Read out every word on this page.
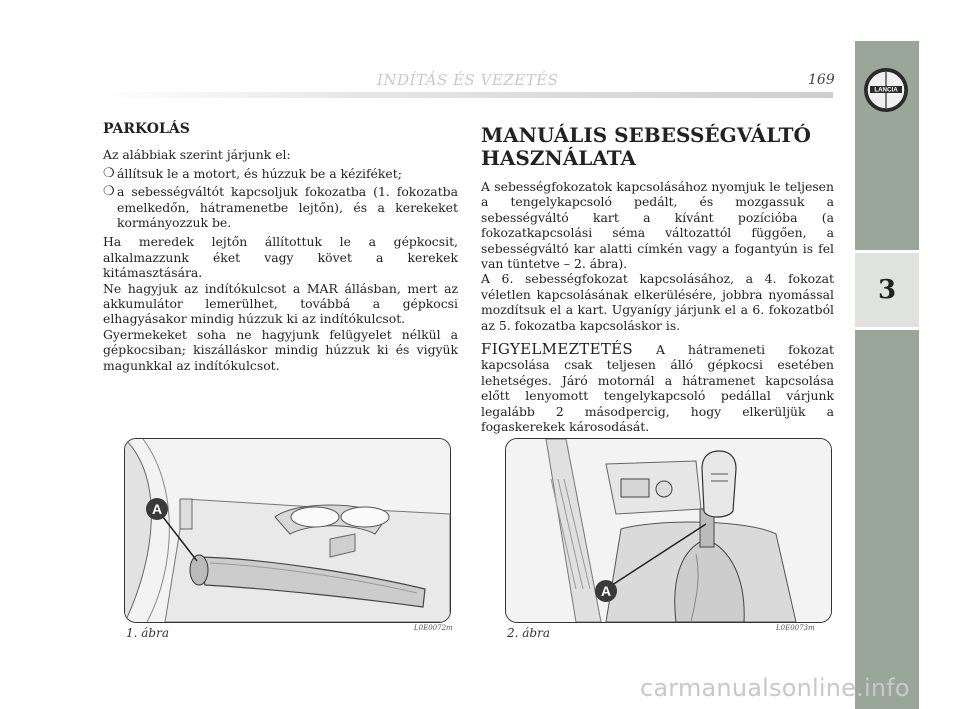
INDÍTÁS ÉS VEZETÉS	169
LANCIA
3
PARKOLÁS

Az alábbiak szerint járjunk el:

❍ állítsuk le a motort, és húzzuk be a kéziféket;
❍ a sebességváltót kapcsoljuk fokozatba (1. fokozatba emelkedőn, hátramenetbe lejtőn), és a kerekeket kormányozzuk be.

Ha meredek lejtőn állítottuk le a gépkocsit, alkalmazzunk éket vagy követ a kerekek kitámasztására.

Ne hagyjuk az indítókulcsot a MAR állásban, mert az akkumulátor lemerülhet, továbbá a gépkocsi elhagyásakor mindig húzzuk ki az indítókulcsot.

Gyermekeket soha ne hagyjunk felügyelet nélkül a gépkocsiban; kiszálláskor mindig húzzuk ki és vigyük magunkkal az indítókulcsot.

MANUÁLIS SEBESSÉGVÁLTÓ HASZNÁLATA

A sebességfokozatok kapcsolásához nyomjuk le teljesen a tengelykapcsoló pedált, és mozgassuk a sebességváltó kart a kívánt pozícióba (a fokozatkapcsolási séma változattól függően, a sebességváltó kar alatti címkén vagy a fogantyún is fel van tüntetve – 2. ábra).

A 6. sebességfokozat kapcsolásához, a 4. fokozat véletlen kapcsolásának elkerülésére, jobbra nyomással mozdítsuk el a kart. Ugyanígy járjunk el a 6. fokozatból az 5. fokozatba kapcsoláskor is.

FIGYELMEZTETÉS A hátrameneti fokozat kapcsolása csak teljesen álló gépkocsi esetében lehetséges. Járó motornál a hátramenet kapcsolása előtt lenyomott tengelykapcsoló pedállal várjunk legalább 2 másodpercig, hogy elkerüljük a fogaskerekek károsodását.

A
1. ábra	L0E0072m
A
2. ábra	L0E0073m
carmanualsonline.info
